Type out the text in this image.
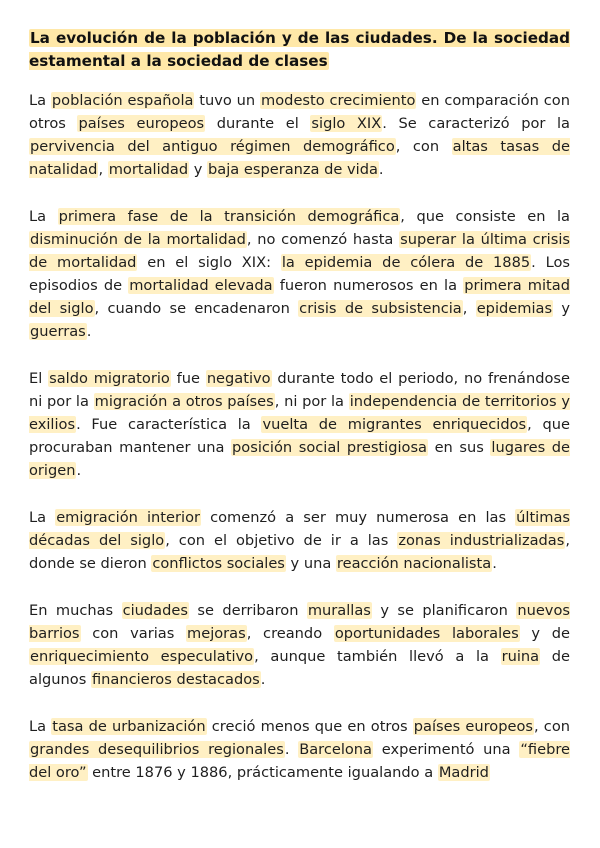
La evolución de la población y de las ciudades. De la sociedad estamental a la sociedad de clases

La población española tuvo un modesto crecimiento en comparación con otros países europeos durante el siglo XIX. Se caracterizó por la pervivencia del antiguo régimen demográfico, con altas tasas de natalidad, mortalidad y baja esperanza de vida.

La primera fase de la transición demográfica, que consiste en la disminución de la mortalidad, no comenzó hasta superar la última crisis de mortalidad en el siglo XIX: la epidemia de cólera de 1885. Los episodios de mortalidad elevada fueron numerosos en la primera mitad del siglo, cuando se encadenaron crisis de subsistencia, epidemias y guerras.

El saldo migratorio fue negativo durante todo el periodo, no frenándose ni por la migración a otros países, ni por la independencia de territorios y exilios. Fue característica la vuelta de migrantes enriquecidos, que procuraban mantener una posición social prestigiosa en sus lugares de origen.

La emigración interior comenzó a ser muy numerosa en las últimas décadas del siglo, con el objetivo de ir a las zonas industrializadas, donde se dieron conflictos sociales y una reacción nacionalista.

En muchas ciudades se derribaron murallas y se planificaron nuevos barrios con varias mejoras, creando oportunidades laborales y de enriquecimiento especulativo, aunque también llevó a la ruina de algunos financieros destacados.

La tasa de urbanización creció menos que en otros países europeos, con grandes desequilibrios regionales. Barcelona experimentó una “fiebre del oro” entre 1876 y 1886, prácticamente igualando a Madrid
